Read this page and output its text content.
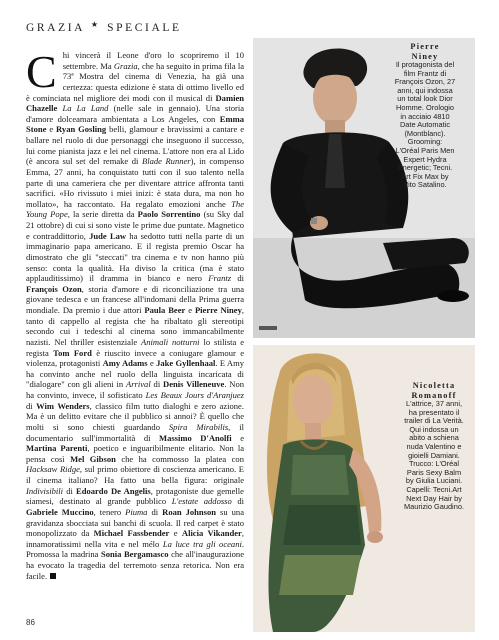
GRAZIA ★ SPECIALE

Chi vincerà il Leone d'oro lo scopriremo il 10 settembre. Ma Grazia, che ha seguito in prima fila la 73ª Mostra del cinema di Venezia, ha già una certezza: questa edizione è stata di ottimo livello ed è cominciata nel migliore dei modi con il musical di Damien Chazelle La La Land (nelle sale in gennaio). Una storia d'amore dolceamara ambientata a Los Angeles, con Emma Stone e Ryan Gosling belli, glamour e bravissimi a cantare e ballare nel ruolo di due personaggi che inseguono il successo, lui come pianista jazz e lei nel cinema. L'attore non era al Lido (è ancora sul set del remake di Blade Runner), in compenso Emma, 27 anni, ha conquistato tutti con il suo talento nella parte di una cameriera che per diventare attrice affronta tanti sacrifici. «Ho rivissuto i miei inizi: è stata dura, ma non ho mollato», ha raccontato. Ha regalato emozioni anche The Young Pope, la serie diretta da Paolo Sorrentino (su Sky dal 21 ottobre) di cui si sono viste le prime due puntate. Magnetico e contraddittorio, Jude Law ha sedotto tutti nella parte di un immaginario papa americano. E il regista premio Oscar ha dimostrato che gli "steccati" tra cinema e tv non hanno più senso: conta la qualità. Ha diviso la critica (ma è stato applauditissimo) il dramma in bianco e nero Frantz di François Ozon, storia d'amore e di riconciliazione tra una giovane tedesca e un francese all'indomani della Prima guerra mondiale. Da premio i due attori Paula Beer e Pierre Niney, tanto di cappello al regista che ha ribaltato gli stereotipi secondo cui i tedeschi al cinema sono immancabilmente nazisti. Nel thriller esistenziale Animali notturni lo stilista e regista Tom Ford è riuscito invece a coniugare glamour e violenza, protagonisti Amy Adams e Jake Gyllenhaal. E Amy ha convinto anche nel ruolo della linguista incaricata di "dialogare" con gli alieni in Arrival di Denis Villeneuve. Non ha convinto, invece, il sofisticato Les Beaux Jours d'Aranjuez di Wim Wenders, classico film tutto dialoghi e zero azione. Ma è un delitto evitare che il pubblico si annoi? È quello che molti si sono chiesti guardando Spira Mirabilis, il documentario sull'immortalità di Massimo D'Anolfi e Martina Parenti, poetico e inguaribilmente elitario. Non la pensa così Mel Gibson che ha commosso la platea con Hacksaw Ridge, sul primo obiettore di coscienza americano. E il cinema italiano? Ha fatto una bella figura: originale Indivisibili di Edoardo De Angelis, protagoniste due gemelle siamesi, destinato al grande pubblico L'estate addosso di Gabriele Muccino, tenero Piuma di Roan Johnson su una gravidanza sbocciata sui banchi di scuola. Il red carpet è stato monopolizzato da Michael Fassbender e Alicia Vikander, innamoratissimi nella vita e nel mélo La luce tra gli oceani. Promossa la madrina Sonia Bergamasco che all'inaugurazione ha evocato la tragedia del terremoto senza retorica. Non era facile.

Pierre
Niney
Il protagonista del
film Frantz di
François Ozon, 27
anni, qui indossa
un total look Dior
Homme. Orologio
in acciaio 4810
Date Automatic
(Montblanc).
Grooming:
L'Oréal Paris Men
Expert Hydra
Energetic; Tecni.
Art Fix Max by
Vito Satalino.
Nicoletta
Romanoff
L'attrice, 37 anni,
ha presentato il
trailer di La Verità.
Qui indossa un
abito a schiena
nuda Valentino e
gioielli Damiani.
Trucco: L'Oréal
Paris Sexy Balm
by Giulia Luciani.
Capelli: Tecni.Art
Next Day Hair by
Maurizio Gaudino.
86
